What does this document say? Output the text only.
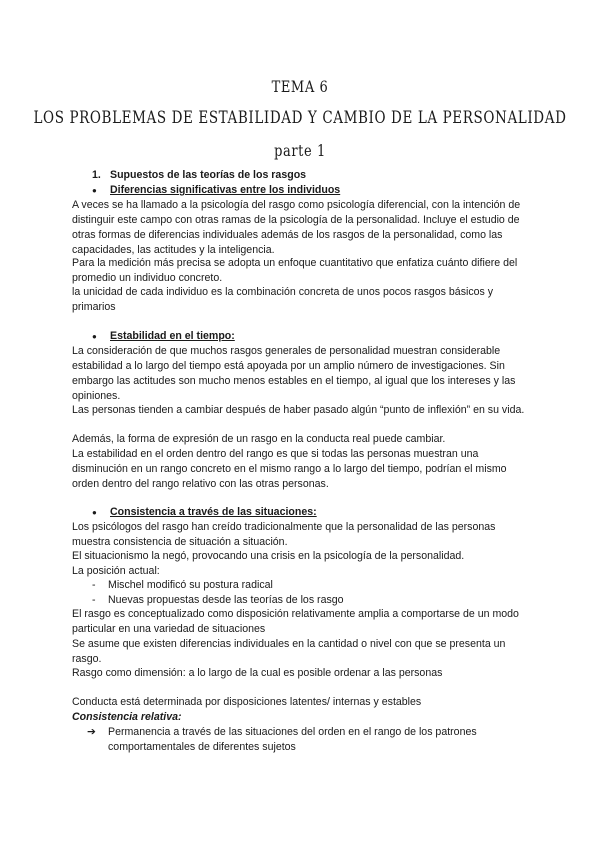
TEMA 6
LOS PROBLEMAS DE ESTABILIDAD Y CAMBIO DE LA PERSONALIDAD
parte 1
1. Supuestos de las teorías de los rasgos
● Diferencias significativas entre los individuos

A veces se ha llamado a la psicología del rasgo como psicología diferencial, con la intención de distinguir este campo con otras ramas de la psicología de la personalidad. Incluye el estudio de otras formas de diferencias individuales además de los rasgos de la personalidad, como las capacidades, las actitudes y la inteligencia.

Para la medición más precisa se adopta un enfoque cuantitativo que enfatiza cuánto difiere del promedio un individuo concreto.

la unicidad de cada individuo es la combinación concreta de unos pocos rasgos básicos y primarios

● Estabilidad en el tiempo:

La consideración de que muchos rasgos generales de personalidad muestran considerable estabilidad a lo largo del tiempo está apoyada por un amplio número de investigaciones. Sin embargo las actitudes son mucho menos estables en el tiempo, al igual que los intereses y las opiniones.

Las personas tienden a cambiar después de haber pasado algún “punto de inflexión” en su vida.

Además, la forma de expresión de un rasgo en la conducta real puede cambiar.

La estabilidad en el orden dentro del rango es que si todas las personas muestran una disminución en un rango concreto en el mismo rango a lo largo del tiempo, podrían el mismo orden dentro del rango relativo con las otras personas.

● Consistencia a través de las situaciones:

Los psicólogos del rasgo han creído tradicionalmente que la personalidad de las personas muestra consistencia de situación a situación.

El situacionismo la negó, provocando una crisis en la psicología de la personalidad.

La posición actual:

- Mischel modificó su postura radical
- Nuevas propuestas desde las teorías de los rasgo

El rasgo es conceptualizado como disposición relativamente amplia a comportarse de un modo particular en una variedad de situaciones

Se asume que existen diferencias individuales en la cantidad o nivel con que se presenta un rasgo.

Rasgo como dimensión: a lo largo de la cual es posible ordenar a las personas

Conducta está determinada por disposiciones latentes/ internas y estables

Consistencia relativa:
➔ Permanencia a través de las situaciones del orden en el rango de los patrones comportamentales de diferentes sujetos
